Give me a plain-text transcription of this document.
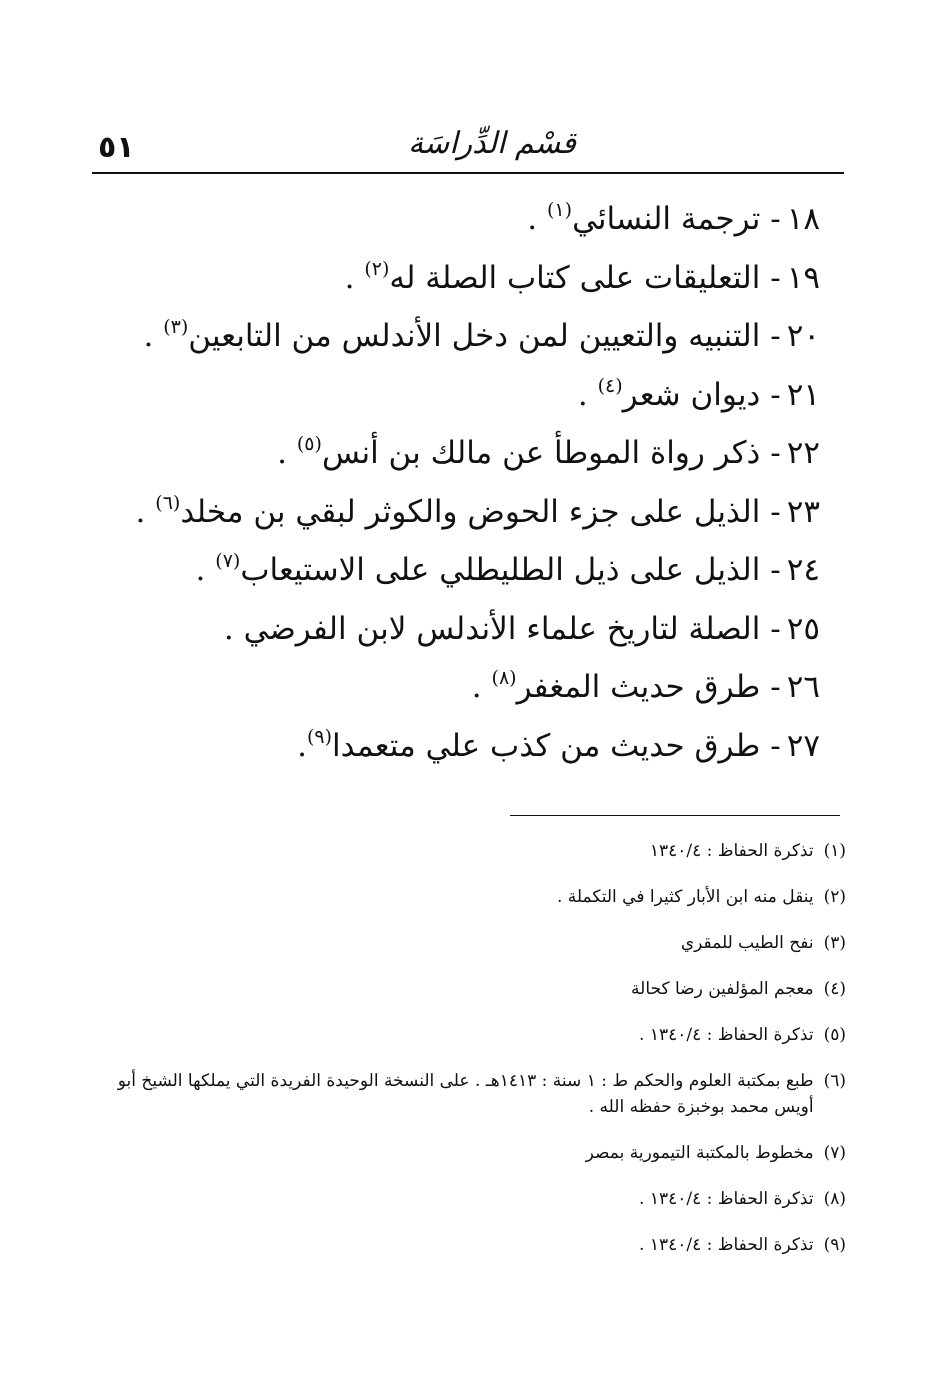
٥١	قسْم الدِّراسَة
١٨- ترجمة النسائي$^{(١)}$ .
١٩- التعليقات على كتاب الصلة له$^{(٢)}$ .
٢٠- التنبيه والتعيين لمن دخل الأندلس من التابعين$^{(٣)}$ .
٢١- ديوان شعر$^{(٤)}$ .
٢٢- ذكر رواة الموطأ عن مالك بن أنس$^{(٥)}$ .
٢٣- الذيل على جزء الحوض والكوثر لبقي بن مخلد$^{(٦)}$ .
٢٤- الذيل على ذيل الطليطلي على الاستيعاب$^{(٧)}$ .
٢٥- الصلة لتاريخ علماء الأندلس لابن الفرضي .
٢٦- طرق حديث المغفر$^{(٨)}$ .
٢٧- طرق حديث من كذب علي متعمدا$^{(٩)}$.
(١)
تذكرة الحفاظ : ١٣٤٠/٤
(٢)
ينقل منه ابن الأبار كثيرا في التكملة .
(٣)
نفح الطيب للمقري
(٤)
معجم المؤلفين رضا كحالة
(٥)
تذكرة الحفاظ : ١٣٤٠/٤ .
(٦)
طبع بمكتبة العلوم والحكم ط : ١ سنة : ١٤١٣هـ . على النسخة الوحيدة الفريدة التي يملكها الشيخ أبو أويس محمد بوخبزة حفظه الله .
(٧)
مخطوط بالمكتبة التيمورية بمصر
(٨)
تذكرة الحفاظ : ١٣٤٠/٤ .
(٩)
تذكرة الحفاظ : ١٣٤٠/٤ .
